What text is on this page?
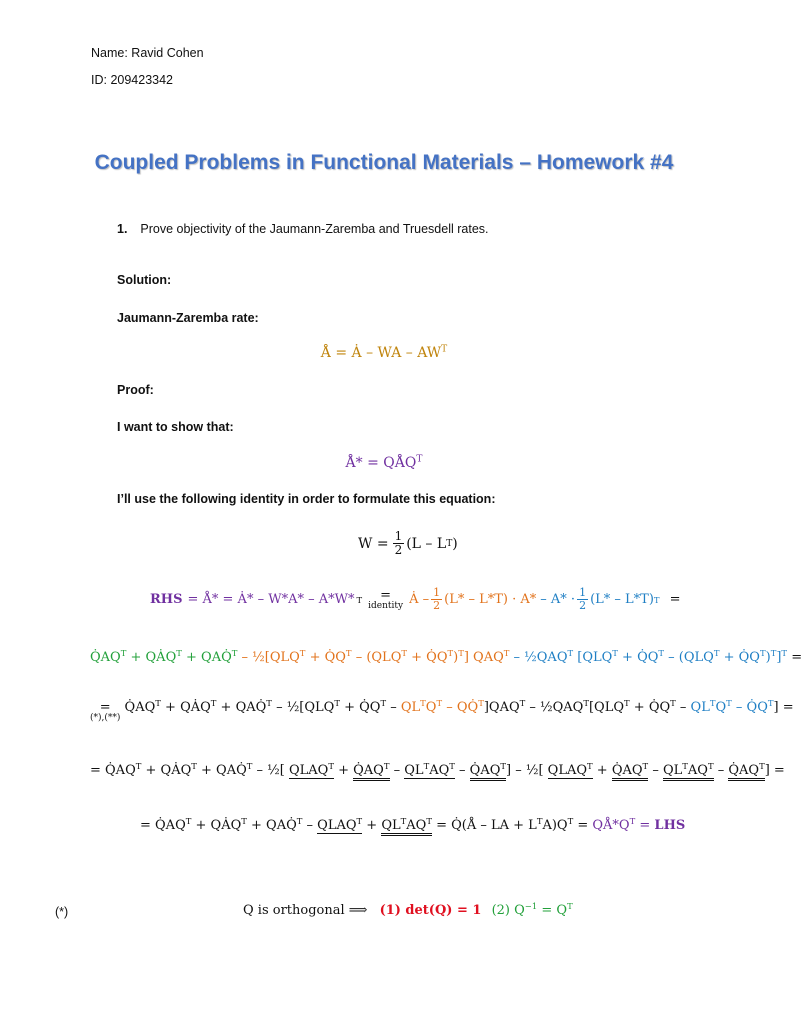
Name: Ravid Cohen
ID: 209423342
Coupled Problems in Functional Materials – Homework #4
1. Prove objectivity of the Jaumann-Zaremba and Truesdell rates.
Solution:
Jaumann-Zaremba rate:
Å = Ȧ – WA – $AW^T$
Proof:
I want to show that:
Å* = $QÅQ^T$
I’ll use the following identity in order to formulate this equation:
$W = \frac{1}{2} (L - L$ T )
RHS = Å* = Ȧ* – W*A* – A*W* T =
identity Ȧ – 1
2 (L* – L*T) · A* – A* · 1
2 (L* – L*T) T =
$Q̇AQ^T$ + $QȦQ^T$ + QAQ̇$^T$ – $\frac{1}{2}[QLQ^T$ + $Q̇Q^T - (QLQ^T$ + $Q̇Q^T)^T$] $QAQ^T$ – $\frac{1}{2}QAQ^T$ [$QLQ^T$ + $Q̇Q^T - (QLQ^T$ + $Q̇Q^T)^T]^T$ =
=
(*),(**)
$Q̇AQ^T$ + $QȦQ^T$ + QAQ̇$^T$ – $\frac{1}{2}[QLQ^T$ + $Q̇Q^T - QL^TQ^T$ – $QQ̇^T]QAQ^T$ – $\frac{1}{2}QAQ^T[QLQ^T$ + $Q̇Q^T - QL^TQ^T$ – $Q̇Q^T$] =
= $Q̇AQ^T$ + $QȦQ^T$ + QAQ̇$^T$ – ½[ $QLAQ^T$ + $Q̇AQ^T - QL^TAQ^T$ – $Q̇AQ^T$] – ½[ $QLAQ^T$ + $Q̇AQ^T - QL^TAQ^T$ – $Q̇AQ^T$] =
= $Q̇AQ^T$ + $QȦQ^T$ + QAQ̇$^T$ – $QLAQ^T + QL^TAQ^T$ = Q̇(Å – LA + $L^TA)Q^T$ = $QÅ*Q^T$ = LHS
(*)	Q is orthogonal ⟹ (1) det(Q) = 1 (2) $Q^{-1} = Q^T$
